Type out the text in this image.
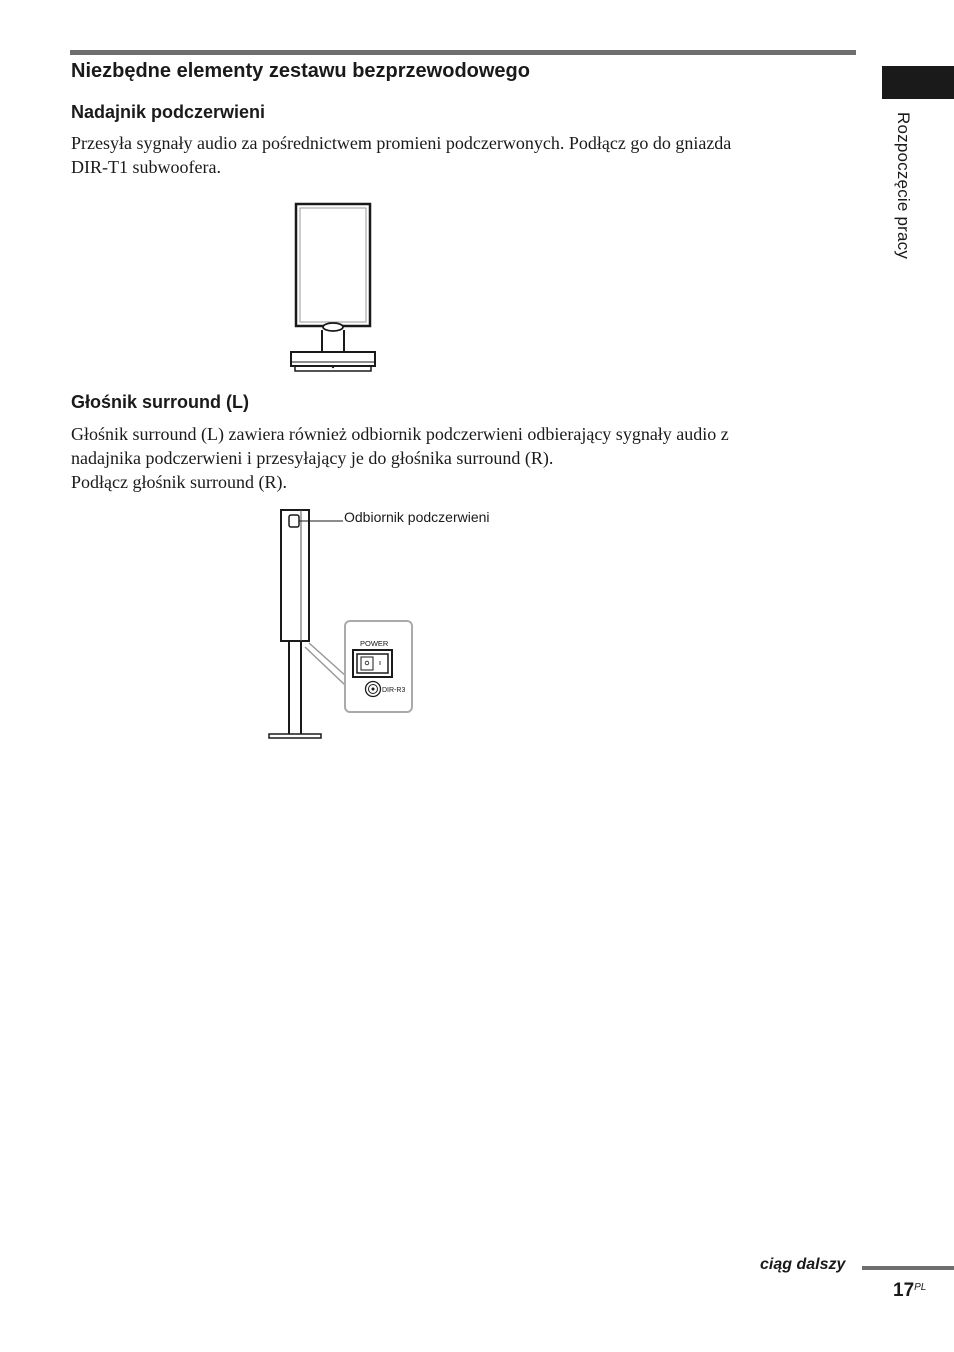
Rozpoczęcie pracy
Niezbędne elementy zestawu bezprzewodowego
Nadajnik podczerwieni

Przesyła sygnały audio za pośrednictwem promieni podczerwonych. Podłącz go do gniazda
DIR-T1 subwoofera.

Głośnik surround (L)

Głośnik surround (L) zawiera również odbiornik podczerwieni odbierający sygnały audio z
nadajnika podczerwieni i przesyłający je do głośnika surround (R).
Podłącz głośnik surround (R).

POWER
DIR-R3
Odbiornik podczerwieni
ciąg dalszy
$17^{PL}$
